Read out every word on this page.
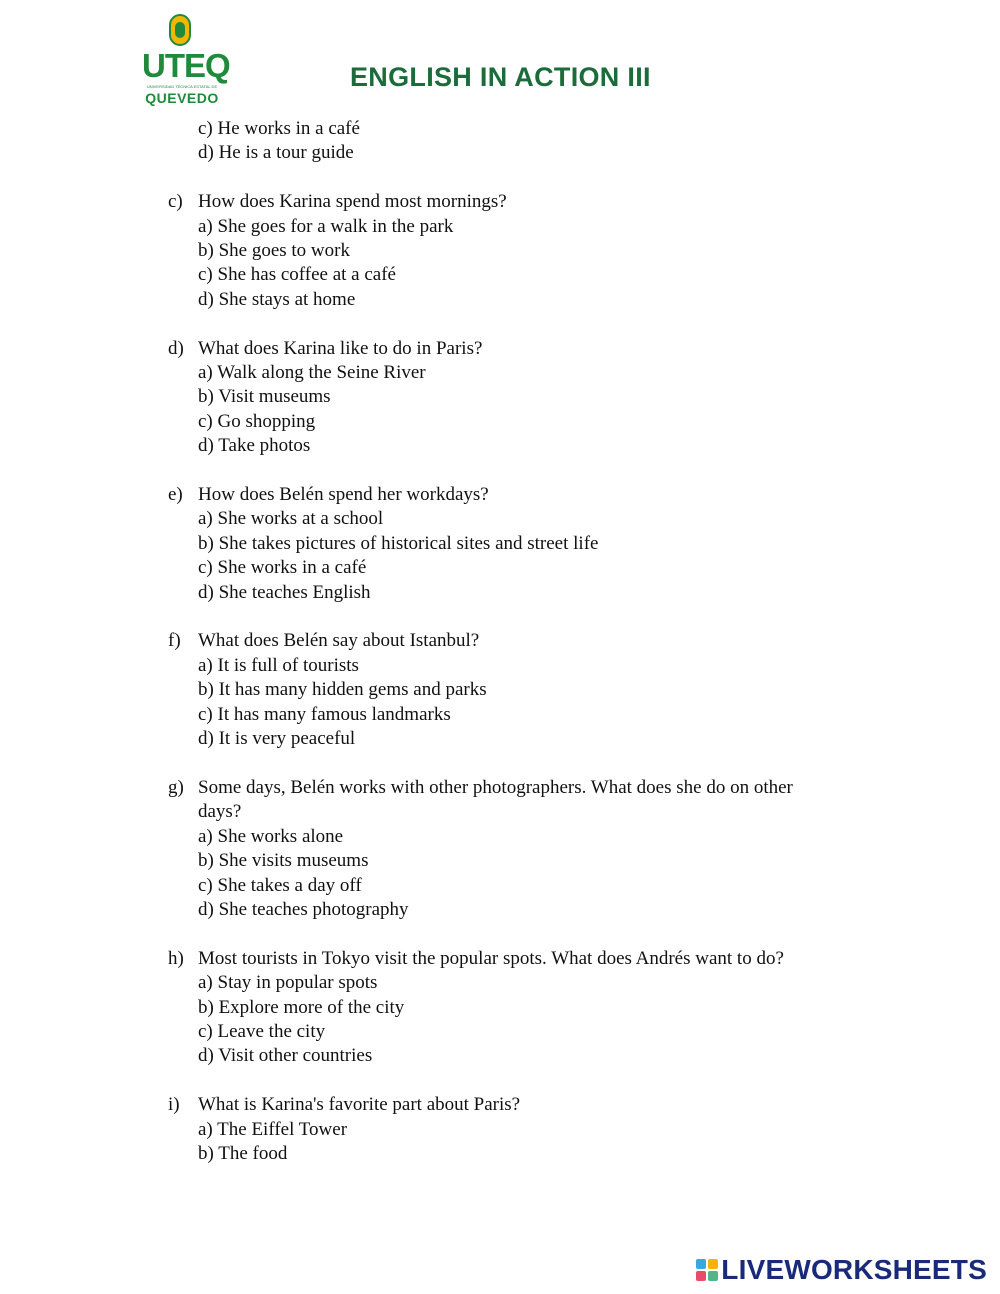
UTEQ
UNIVERSIDAD TÉCNICA ESTATAL DE
QUEVEDO
ENGLISH IN ACTION III
c) He works in a café
d) He is a tour guide
c) How does Karina spend most mornings?
a) She goes for a walk in the park
b) She goes to work
c) She has coffee at a café
d) She stays at home
d) What does Karina like to do in Paris?
a) Walk along the Seine River
b) Visit museums
c) Go shopping
d) Take photos
e) How does Belén spend her workdays?
a) She works at a school
b) She takes pictures of historical sites and street life
c) She works in a café
d) She teaches English
f) What does Belén say about Istanbul?
a) It is full of tourists
b) It has many hidden gems and parks
c) It has many famous landmarks
d) It is very peaceful
g) Some days, Belén works with other photographers. What does she do on other days?
a) She works alone
b) She visits museums
c) She takes a day off
d) She teaches photography
h) Most tourists in Tokyo visit the popular spots. What does Andrés want to do?
a) Stay in popular spots
b) Explore more of the city
c) Leave the city
d) Visit other countries
i) What is Karina's favorite part about Paris?
a) The Eiffel Tower
b) The food
LIVEWORKSHEETS
